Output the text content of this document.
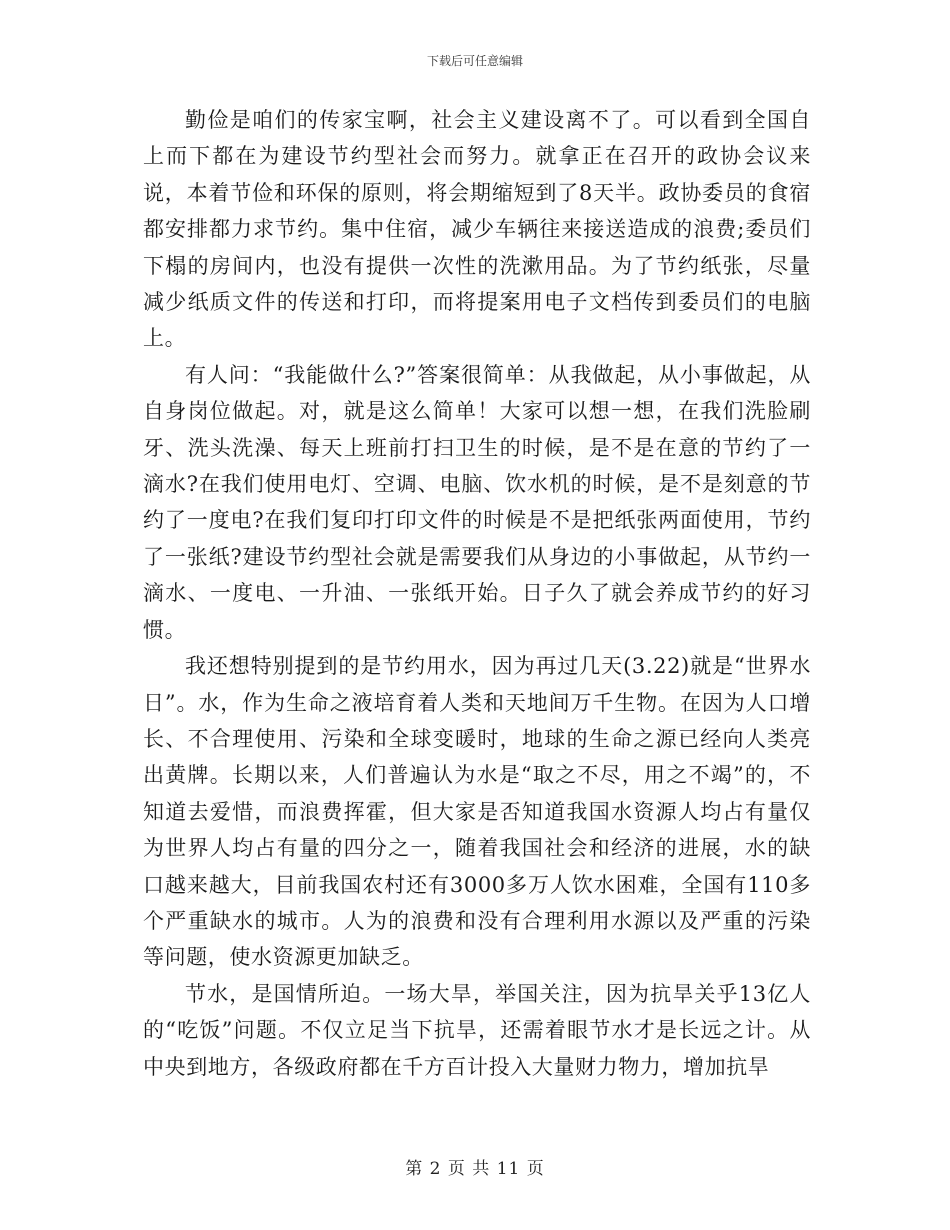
下载后可任意编辑

勤俭是咱们的传家宝啊，社会主义建设离不了。可以看到全国自上而下都在为建设节约型社会而努力。就拿正在召开的政协会议来说，本着节俭和环保的原则，将会期缩短到了8天半。政协委员的食宿都安排都力求节约。集中住宿，减少车辆往来接送造成的浪费;委员们下榻的房间内，也没有提供一次性的洗漱用品。为了节约纸张，尽量减少纸质文件的传送和打印，而将提案用电子文档传到委员们的电脑上。

有人问：“我能做什么?”答案很简单：从我做起，从小事做起，从自身岗位做起。对，就是这么简单！大家可以想一想，在我们洗脸刷牙、洗头洗澡、每天上班前打扫卫生的时候，是不是在意的节约了一滴水?在我们使用电灯、空调、电脑、饮水机的时候，是不是刻意的节约了一度电?在我们复印打印文件的时候是不是把纸张两面使用，节约了一张纸?建设节约型社会就是需要我们从身边的小事做起，从节约一滴水、一度电、一升油、一张纸开始。日子久了就会养成节约的好习惯。

我还想特别提到的是节约用水，因为再过几天(3.22)就是“世界水日”。水，作为生命之液培育着人类和天地间万千生物。在因为人口增长、不合理使用、污染和全球变暖时，地球的生命之源已经向人类亮出黄牌。长期以来，人们普遍认为水是“取之不尽，用之不竭”的，不知道去爱惜，而浪费挥霍，但大家是否知道我国水资源人均占有量仅为世界人均占有量的四分之一，随着我国社会和经济的进展，水的缺口越来越大，目前我国农村还有3000多万人饮水困难，全国有110多个严重缺水的城市。人为的浪费和没有合理利用水源以及严重的污染等问题，使水资源更加缺乏。

节水，是国情所迫。一场大旱，举国关注，因为抗旱关乎13亿人的“吃饭”问题。不仅立足当下抗旱，还需着眼节水才是长远之计。从中央到地方，各级政府都在千方百计投入大量财力物力，增加抗旱

第 2 页 共 11 页
